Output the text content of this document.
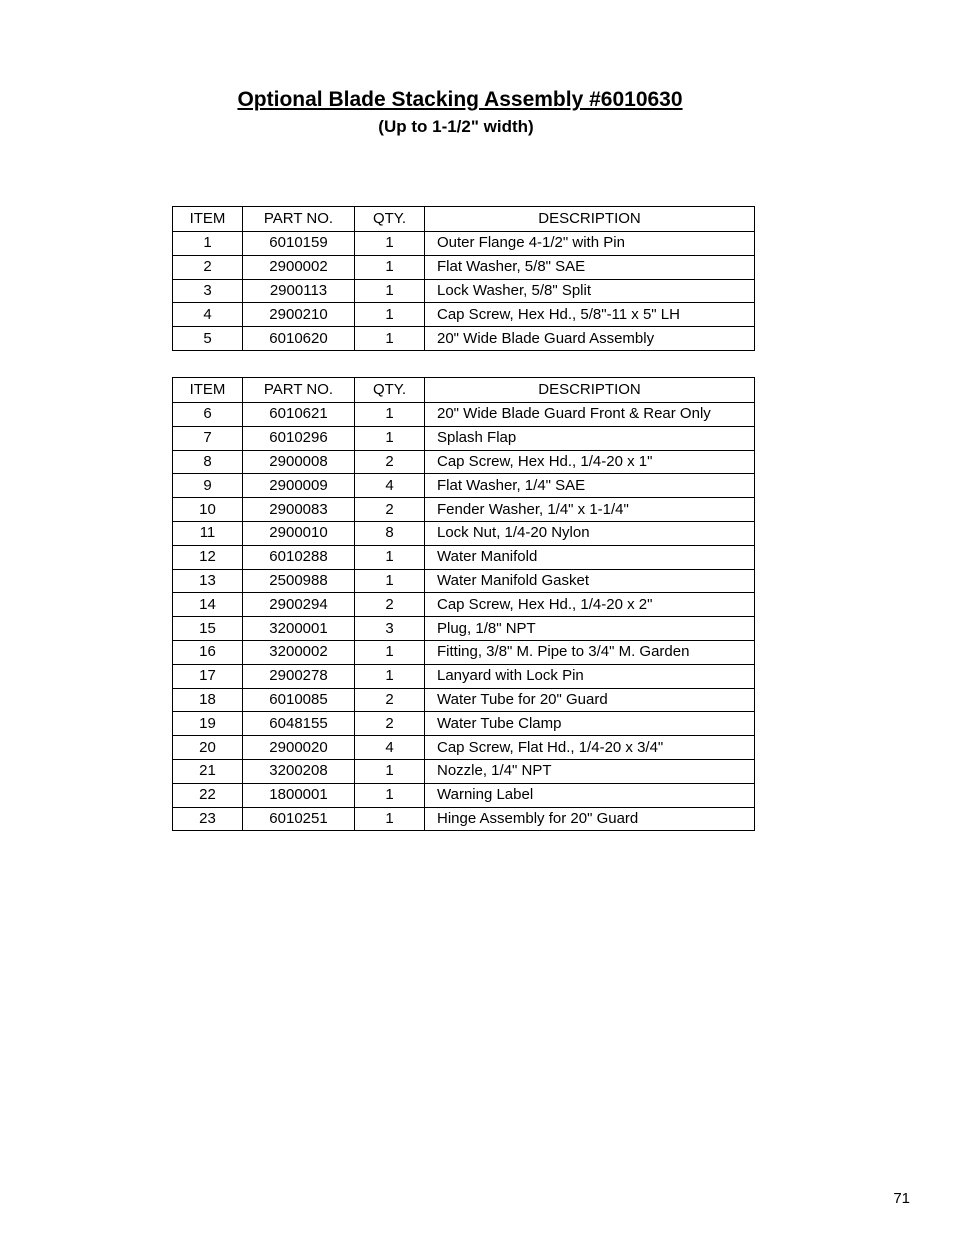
Optional Blade Stacking Assembly #6010630
(Up to 1-1/2" width)
ITEM	PART NO.	QTY.	DESCRIPTION
1	6010159	1	Outer Flange 4-1/2" with Pin
2	2900002	1	Flat Washer, 5/8" SAE
3	2900113	1	Lock Washer, 5/8" Split
4	2900210	1	Cap Screw, Hex Hd., 5/8"-11 x 5" LH
5	6010620	1	20" Wide Blade Guard Assembly
ITEM	PART NO.	QTY.	DESCRIPTION
6	6010621	1	20" Wide Blade Guard Front & Rear Only
7	6010296	1	Splash Flap
8	2900008	2	Cap Screw, Hex Hd., 1/4-20 x 1"
9	2900009	4	Flat Washer, 1/4" SAE
10	2900083	2	Fender Washer, 1/4" x 1-1/4"
11	2900010	8	Lock Nut, 1/4-20 Nylon
12	6010288	1	Water Manifold
13	2500988	1	Water Manifold Gasket
14	2900294	2	Cap Screw, Hex Hd., 1/4-20 x 2"
15	3200001	3	Plug, 1/8" NPT
16	3200002	1	Fitting, 3/8" M. Pipe to 3/4" M. Garden
17	2900278	1	Lanyard with Lock Pin
18	6010085	2	Water Tube for 20" Guard
19	6048155	2	Water Tube Clamp
20	2900020	4	Cap Screw, Flat Hd., 1/4-20 x 3/4"
21	3200208	1	Nozzle, 1/4" NPT
22	1800001	1	Warning Label
23	6010251	1	Hinge Assembly for 20" Guard
71
